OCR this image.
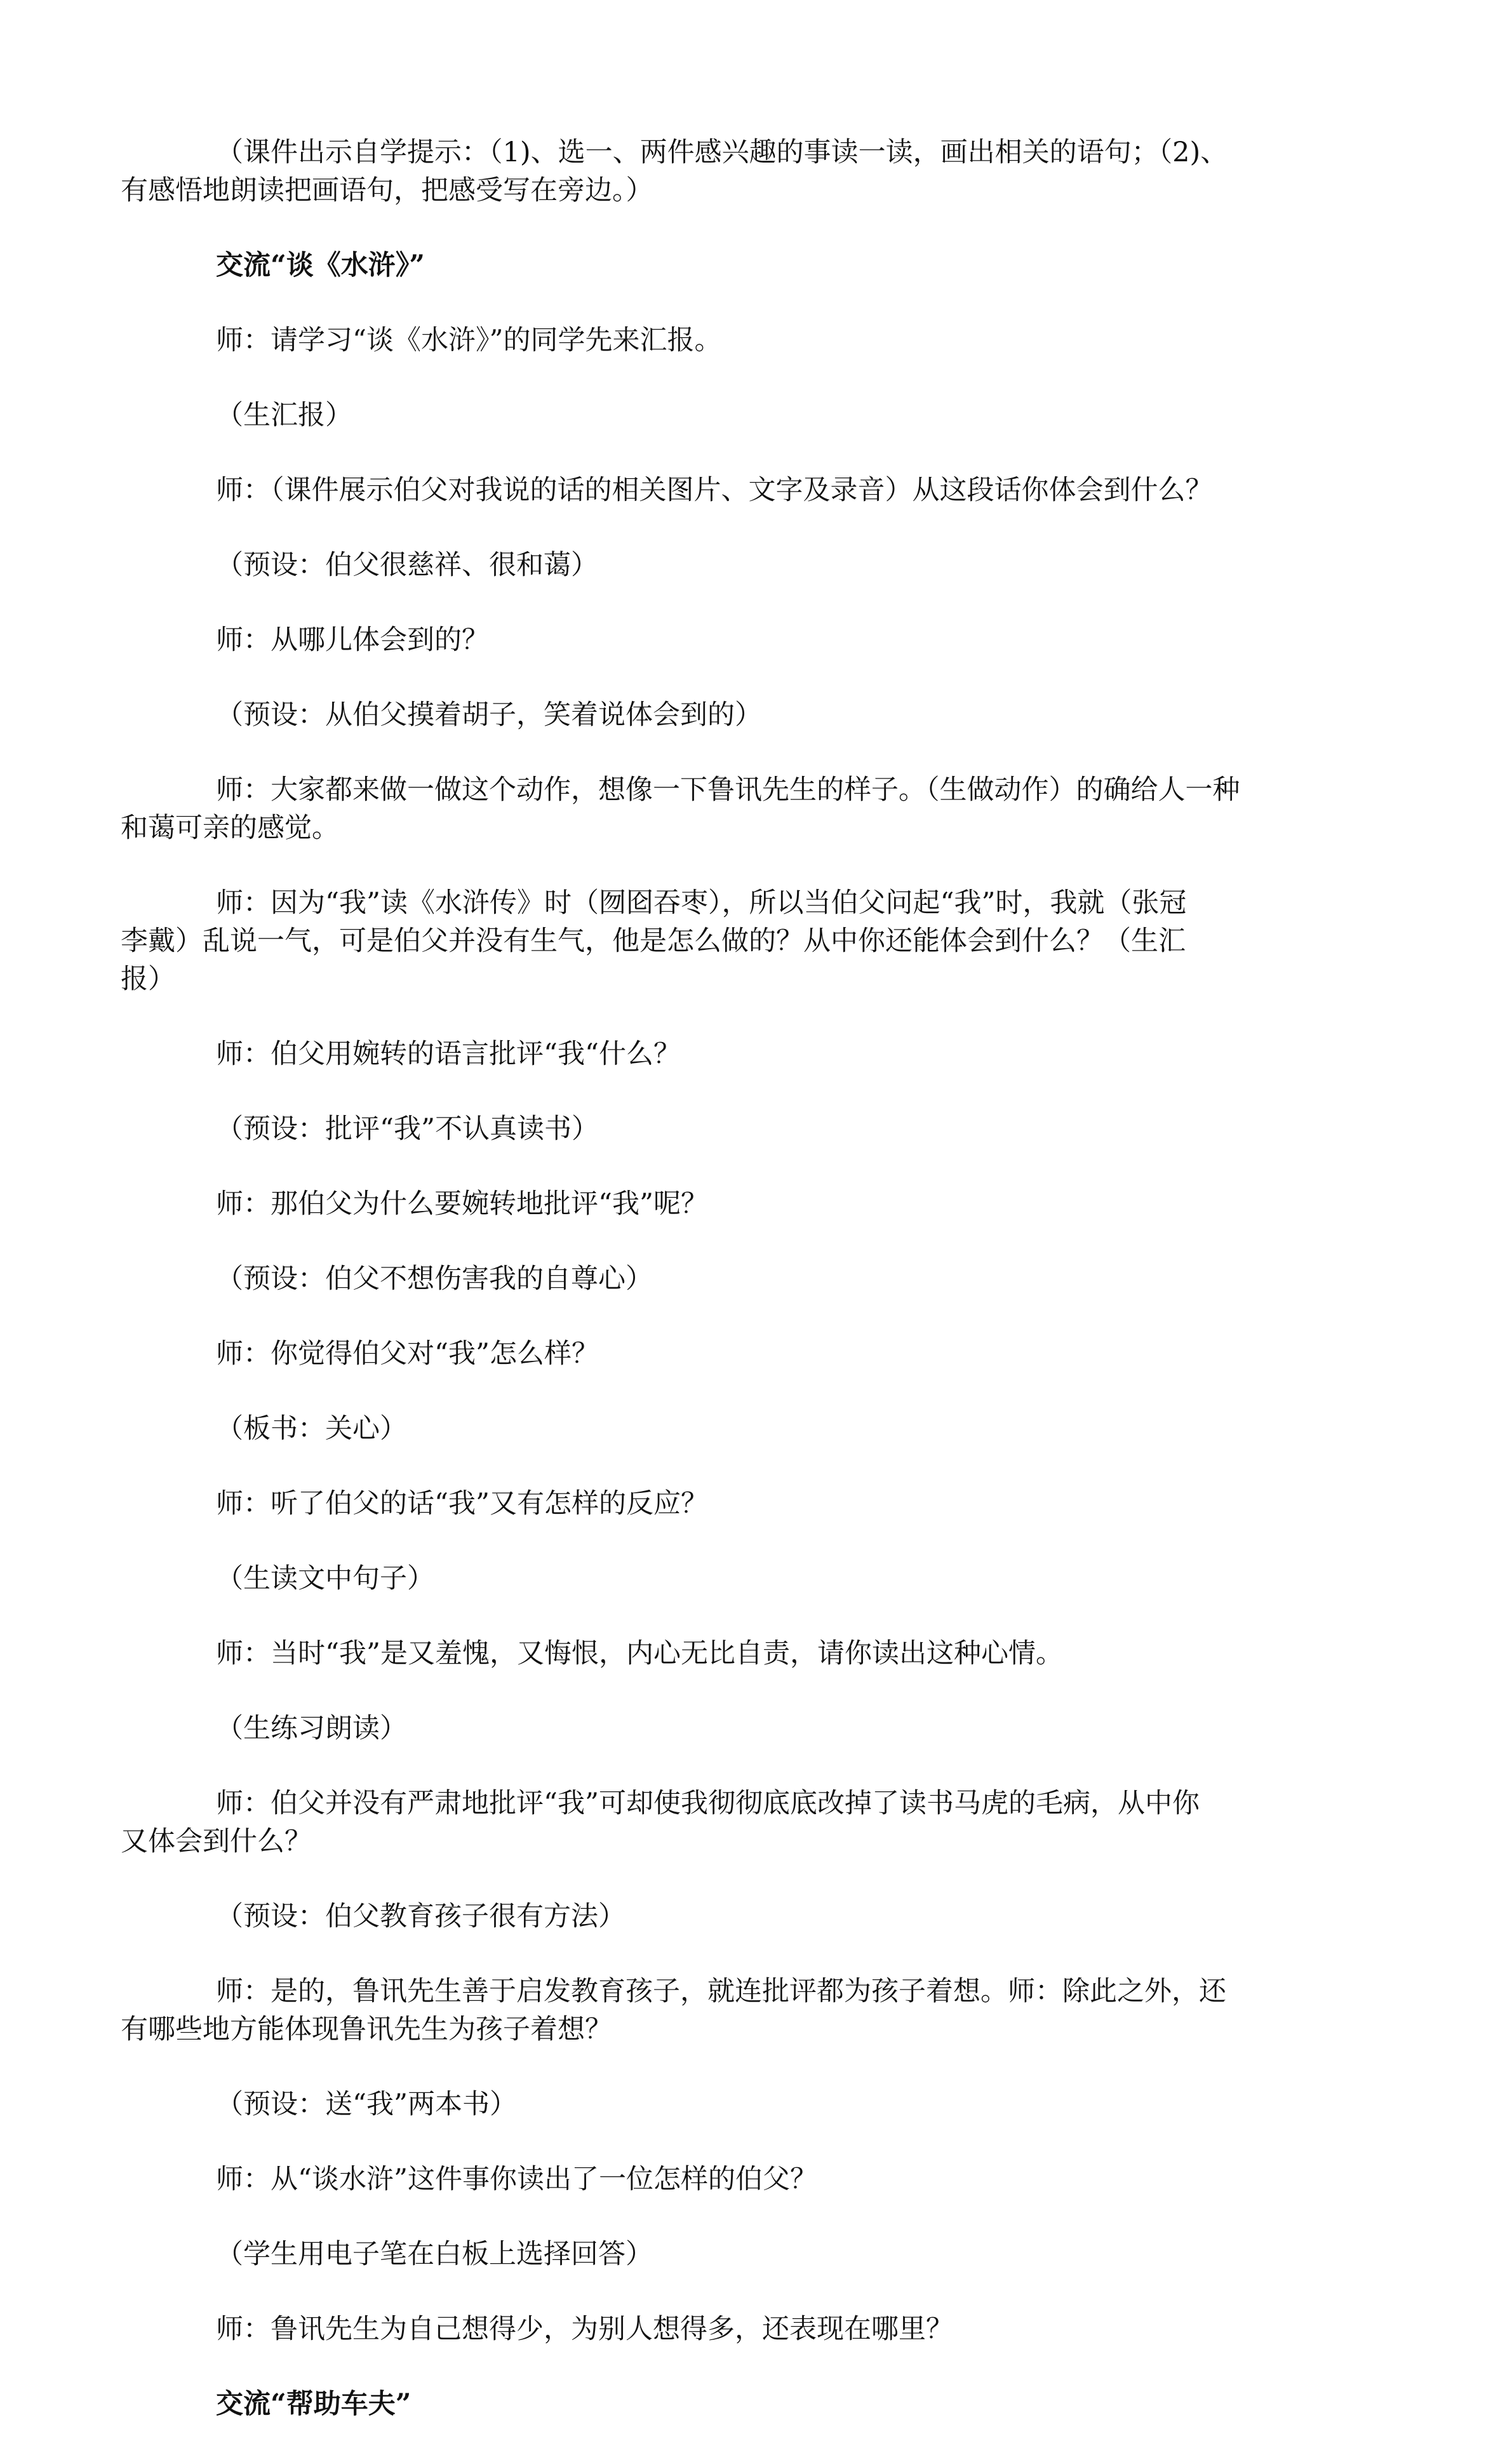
（课件出示自学提示：（1)、选一、两件感兴趣的事读一读，画出相关的语句；（2)、
有感悟地朗读把画语句，把感受写在旁边。）
交流“谈《水浒》”
师：请学习“谈《水浒》”的同学先来汇报。
（生汇报）
师：（课件展示伯父对我说的话的相关图片、文字及录音）从这段话你体会到什么？
（预设：伯父很慈祥、很和蔼）
师：从哪儿体会到的？
（预设：从伯父摸着胡子，笑着说体会到的）
师：大家都来做一做这个动作，想像一下鲁讯先生的样子。（生做动作）的确给人一种
和蔼可亲的感觉。
师：因为“我”读《水浒传》时（囫囵吞枣），所以当伯父问起“我”时，我就（张冠
李戴）乱说一气，可是伯父并没有生气，他是怎么做的？从中你还能体会到什么？（生汇
报）
师：伯父用婉转的语言批评“我“什么？
（预设：批评“我”不认真读书）
师：那伯父为什么要婉转地批评“我”呢？
（预设：伯父不想伤害我的自尊心）
师：你觉得伯父对“我”怎么样？
（板书：关心）
师：听了伯父的话“我”又有怎样的反应？
（生读文中句子）
师：当时“我”是又羞愧，又悔恨，内心无比自责，请你读出这种心情。
（生练习朗读）
师：伯父并没有严肃地批评“我”可却使我彻彻底底改掉了读书马虎的毛病，从中你
又体会到什么？
（预设：伯父教育孩子很有方法）
师：是的，鲁讯先生善于启发教育孩子，就连批评都为孩子着想。师：除此之外，还
有哪些地方能体现鲁讯先生为孩子着想？
（预设：送“我”两本书）
师：从“谈水浒”这件事你读出了一位怎样的伯父？
（学生用电子笔在白板上选择回答）
师：鲁讯先生为自己想得少，为别人想得多，还表现在哪里？
交流“帮助车夫”
